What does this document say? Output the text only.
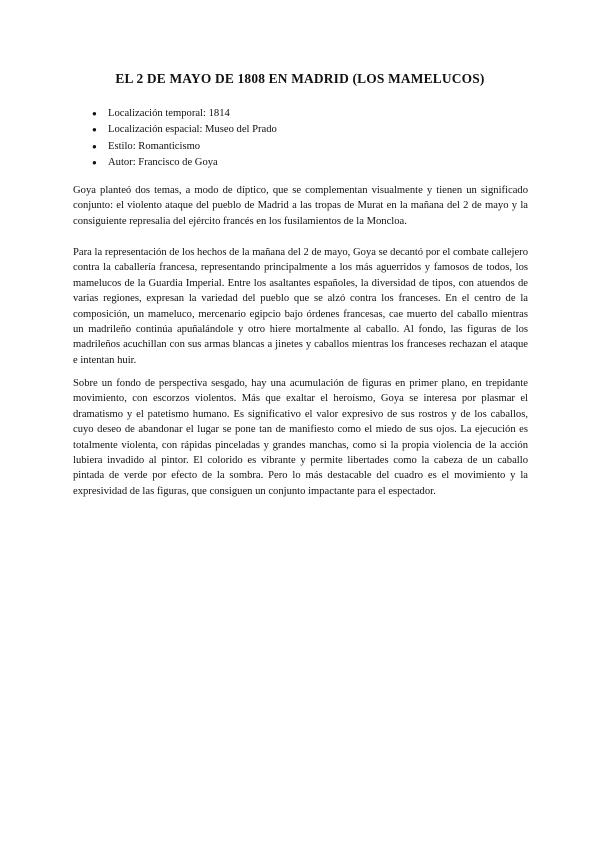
EL 2 DE MAYO DE 1808 EN MADRID (LOS MAMELUCOS)
● Localización temporal: 1814
● Localización espacial: Museo del Prado
● Estilo: Romanticismo
● Autor: Francisco de Goya

Goya planteó dos temas, a modo de díptico, que se complementan visualmente y tienen un significado conjunto: el violento ataque del pueblo de Madrid a las tropas de Murat en la mañana del 2 de mayo y la consiguiente represalia del ejército francés en los fusilamientos de la Moncloa.

Para la representación de los hechos de la mañana del 2 de mayo, Goya se decantó por el combate callejero contra la caballería francesa, representando principalmente a los más aguerridos y famosos de todos, los mamelucos de la Guardia Imperial. Entre los asaltantes españoles, la diversidad de tipos, con atuendos de varias regiones, expresan la variedad del pueblo que se alzó contra los franceses. En el centro de la composición, un mameluco, mercenario egipcio bajo órdenes francesas, cae muerto del caballo mientras un madrileño continúa apuñalándole y otro hiere mortalmente al caballo. Al fondo, las figuras de los madrileños acuchillan con sus armas blancas a jinetes y caballos mientras los franceses rechazan el ataque e intentan huir.

Sobre un fondo de perspectiva sesgado, hay una acumulación de figuras en primer plano, en trepidante movimiento, con escorzos violentos. Más que exaltar el heroísmo, Goya se interesa por plasmar el dramatismo y el patetismo humano. Es significativo el valor expresivo de sus rostros y de los caballos, cuyo deseo de abandonar el lugar se pone tan de manifiesto como el miedo de sus ojos. La ejecución es totalmente violenta, con rápidas pinceladas y grandes manchas, como si la propia violencia de la acción lubiera invadido al pintor. El colorido es vibrante y permite libertades como la cabeza de un caballo pintada de verde por efecto de la sombra. Pero lo más destacable del cuadro es el movimiento y la expresividad de las figuras, que consiguen un conjunto impactante para el espectador.
